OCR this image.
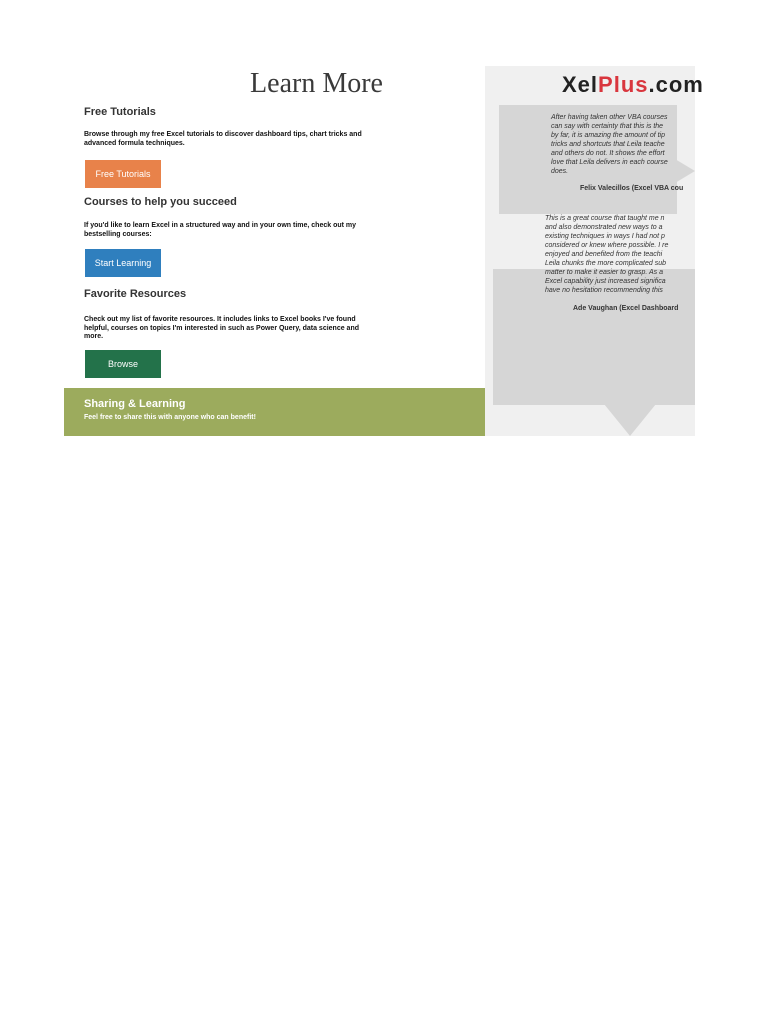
Learn More
Free Tutorials
Browse through my free Excel tutorials to discover dashboard tips, chart tricks and advanced formula techniques.
Free Tutorials
Courses to help you succeed
If you'd like to learn Excel in a structured way and in your own time, check out my bestselling courses:
Start Learning
Favorite Resources
Check out my list of favorite resources. It includes links to Excel books I've found helpful, courses on topics I'm interested in such as Power Query, data science and more.
Browse
Sharing & Learning
Feel free to share this with anyone who can benefit!
XelPlus.com
After having taken other VBA courses
can say with certainty that this is the
by far, it is amazing the amount of tip
tricks and shortcuts that Leila teache
and others do not. It shows the effort
love that Leila delivers in each course
does.
Felix Valecillos (Excel VBA cou
This is a great course that taught me n
and also demonstrated new ways to a
existing techniques in ways I had not p
considered or knew where possible. I re
enjoyed and benefited from the teachi
Leila chunks the more complicated sub
matter to make it easier to grasp. As a
Excel capability just increased significa
have no hesitation recommending this
Ade Vaughan (Excel Dashboard
